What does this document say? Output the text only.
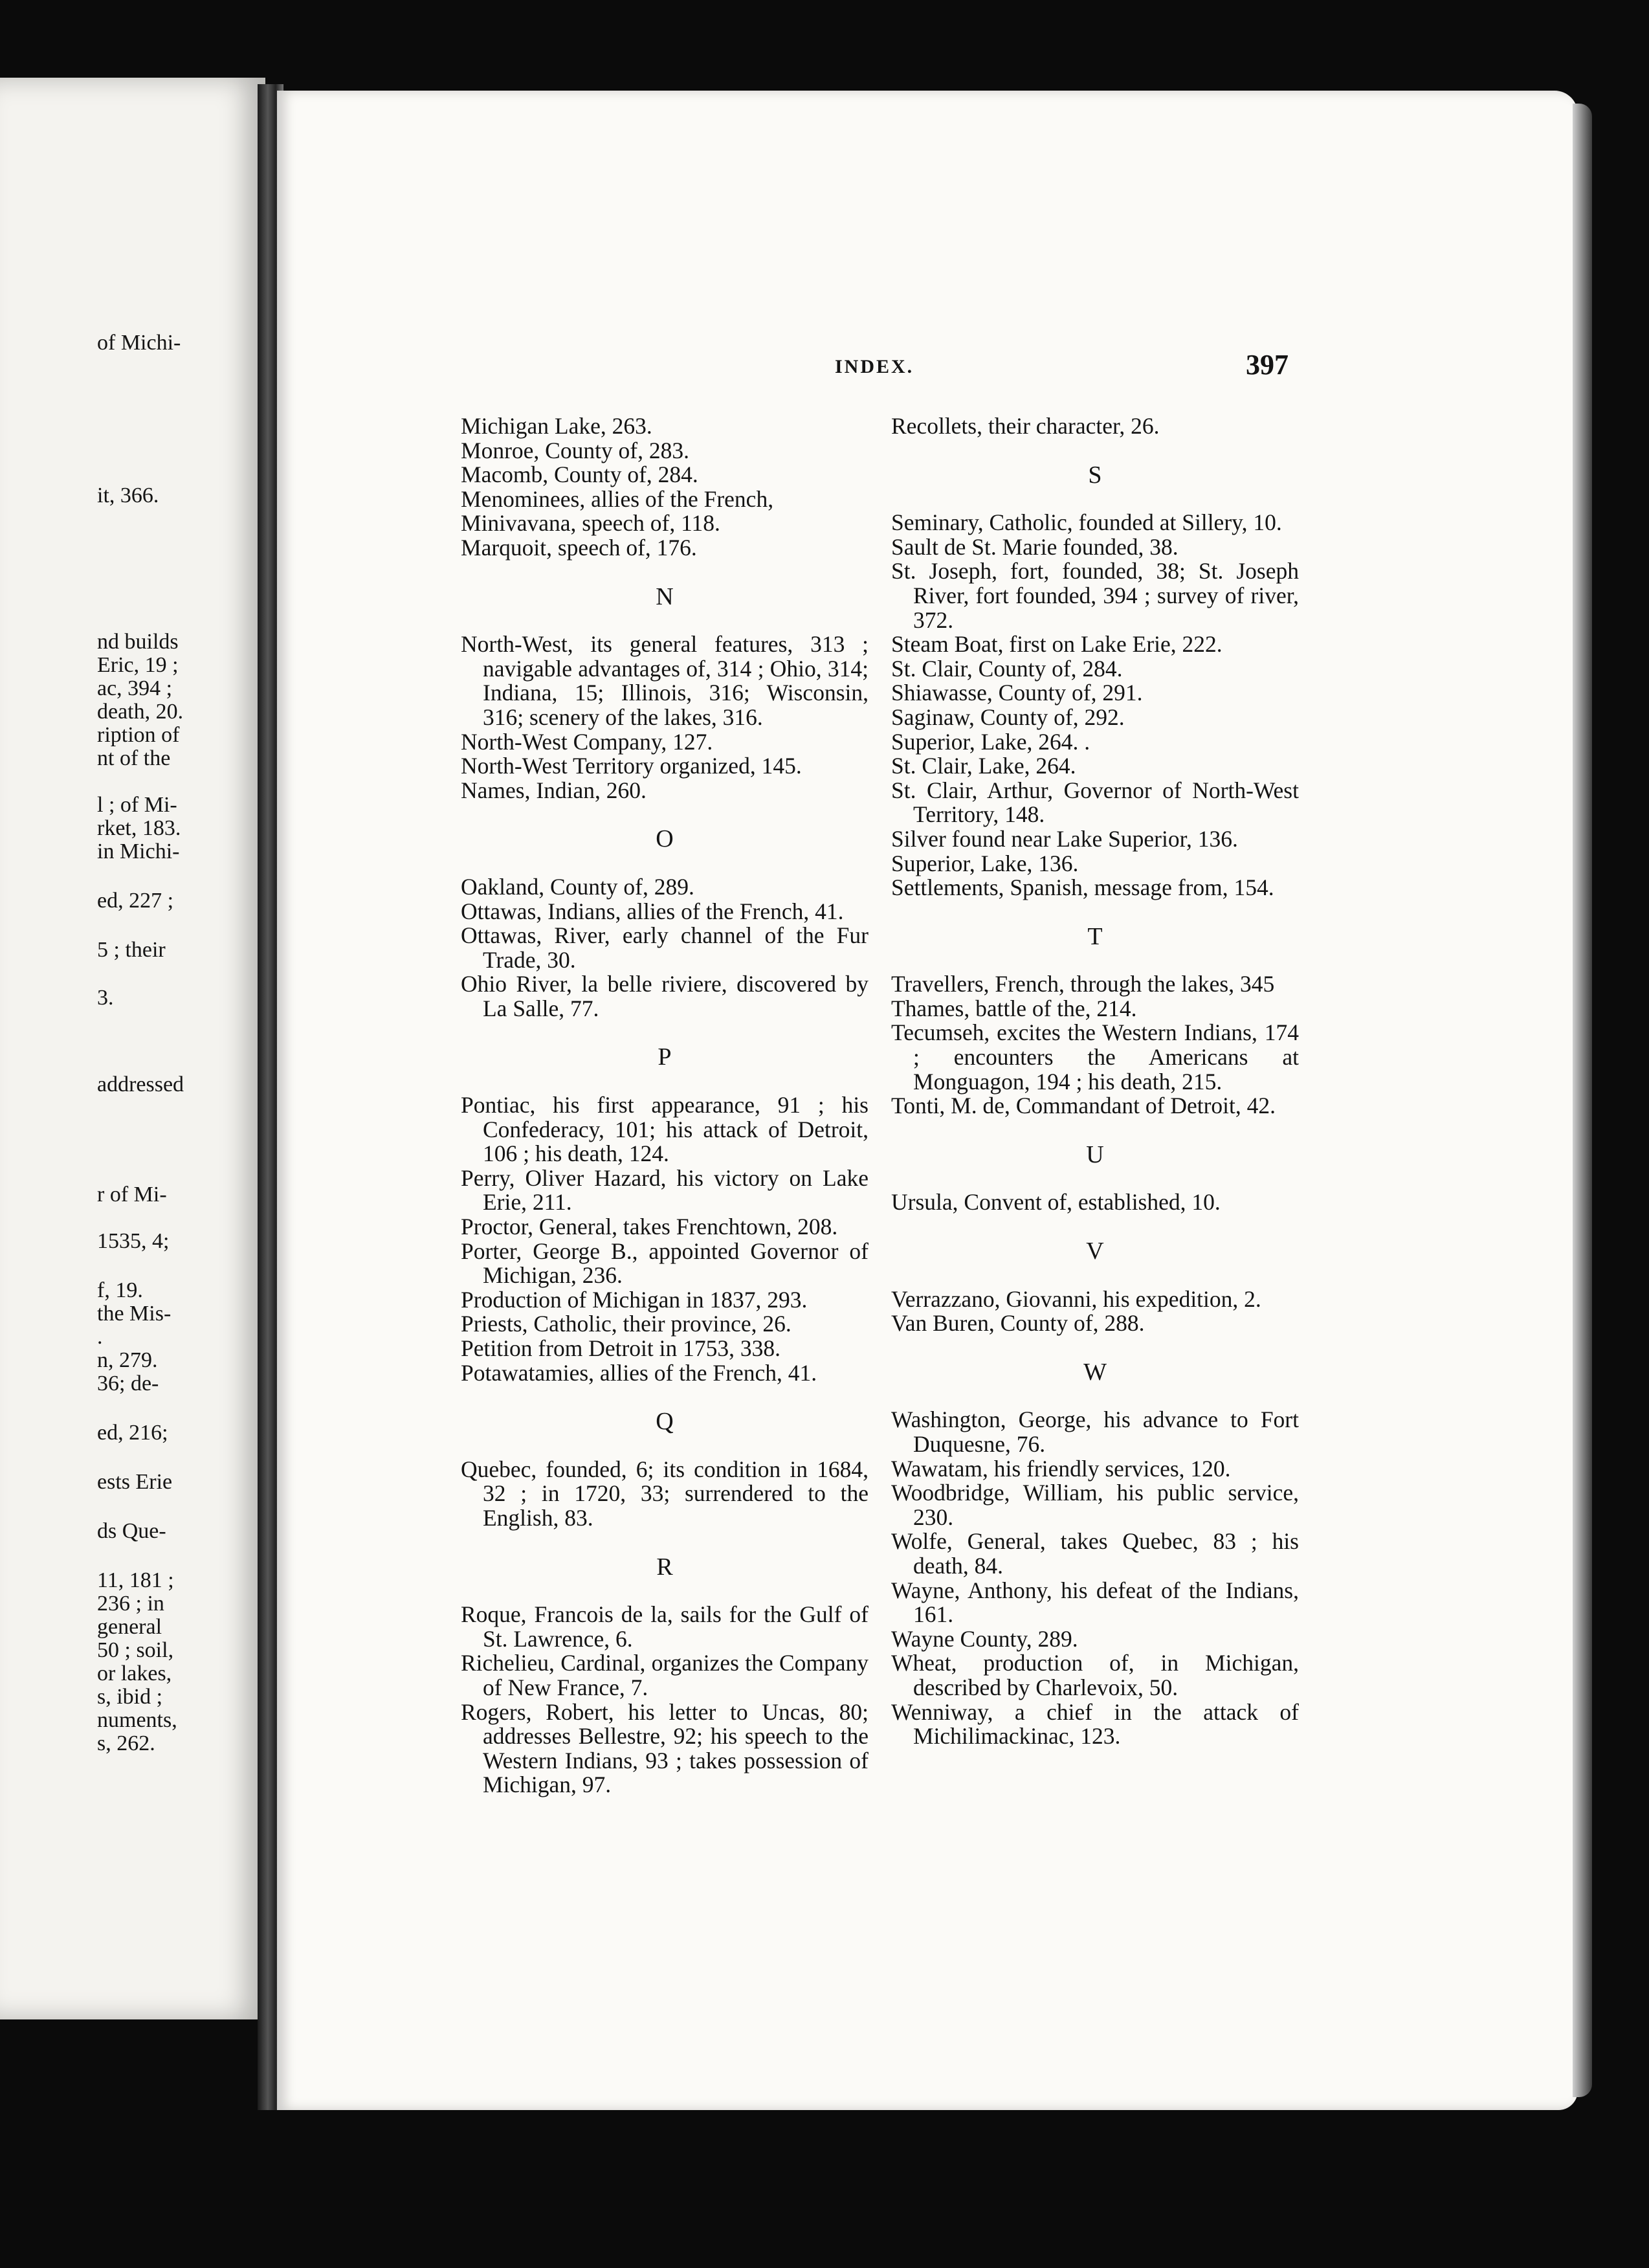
of Michi-
it, 366.
nd builds
Eric, 19 ;
ac, 394 ;
death, 20.
ription of
nt of the
l ; of Mi-
rket, 183.
in Michi-
ed, 227 ;
5 ; their
3.
addressed
r of Mi-
1535, 4;
f, 19.
the Mis-
.
n, 279.
36; de-
ed, 216;
ests Erie
ds Que-
11, 181 ;
236 ; in
general
50 ; soil,
or lakes,
s, ibid ;
numents,
s, 262.
INDEX.	397

Michigan Lake, 263.

Monroe, County of, 283.

Macomb, County of, 284.

Menominees, allies of the French,

Minivavana, speech of, 118.

Marquoit, speech of, 176.

N

North-West, its general features, 313 ; navigable advantages of, 314 ; Ohio, 314; Indiana, 15; Illinois, 316; Wisconsin, 316; scenery of the lakes, 316.

North-West Company, 127.

North-West Territory organized, 145.

Names, Indian, 260.

O

Oakland, County of, 289.

Ottawas, Indians, allies of the French, 41.

Ottawas, River, early channel of the Fur Trade, 30.

Ohio River, la belle riviere, discovered by La Salle, 77.

P

Pontiac, his first appearance, 91 ; his Confederacy, 101; his attack of Detroit, 106 ; his death, 124.

Perry, Oliver Hazard, his victory on Lake Erie, 211.

Proctor, General, takes Frenchtown, 208.

Porter, George B., appointed Governor of Michigan, 236.

Production of Michigan in 1837, 293.

Priests, Catholic, their province, 26.

Petition from Detroit in 1753, 338.

Potawatamies, allies of the French, 41.

Q

Quebec, founded, 6; its condition in 1684, 32 ; in 1720, 33; surrendered to the English, 83.

R

Roque, Francois de la, sails for the Gulf of St. Lawrence, 6.

Richelieu, Cardinal, organizes the Company of New France, 7.

Rogers, Robert, his letter to Uncas, 80; addresses Bellestre, 92; his speech to the Western Indians, 93 ; takes possession of Michigan, 97.

Recollets, their character, 26.

S

Seminary, Catholic, founded at Sillery, 10.

Sault de St. Marie founded, 38.

St. Joseph, fort, founded, 38; St. Joseph River, fort founded, 394 ; survey of river, 372.

Steam Boat, first on Lake Erie, 222.

St. Clair, County of, 284.

Shiawasse, County of, 291.

Saginaw, County of, 292.

Superior, Lake, 264. .

St. Clair, Lake, 264.

St. Clair, Arthur, Governor of North-West Territory, 148.

Silver found near Lake Superior, 136.

Superior, Lake, 136.

Settlements, Spanish, message from, 154.

T

Travellers, French, through the lakes, 345

Thames, battle of the, 214.

Tecumseh, excites the Western Indians, 174 ; encounters the Americans at Monguagon, 194 ; his death, 215.

Tonti, M. de, Commandant of Detroit, 42.

U

Ursula, Convent of, established, 10.

V

Verrazzano, Giovanni, his expedition, 2.

Van Buren, County of, 288.

W

Washington, George, his advance to Fort Duquesne, 76.

Wawatam, his friendly services, 120.

Woodbridge, William, his public service, 230.

Wolfe, General, takes Quebec, 83 ; his death, 84.

Wayne, Anthony, his defeat of the Indians, 161.

Wayne County, 289.

Wheat, production of, in Michigan, described by Charlevoix, 50.

Wenniway, a chief in the attack of Michilimackinac, 123.
